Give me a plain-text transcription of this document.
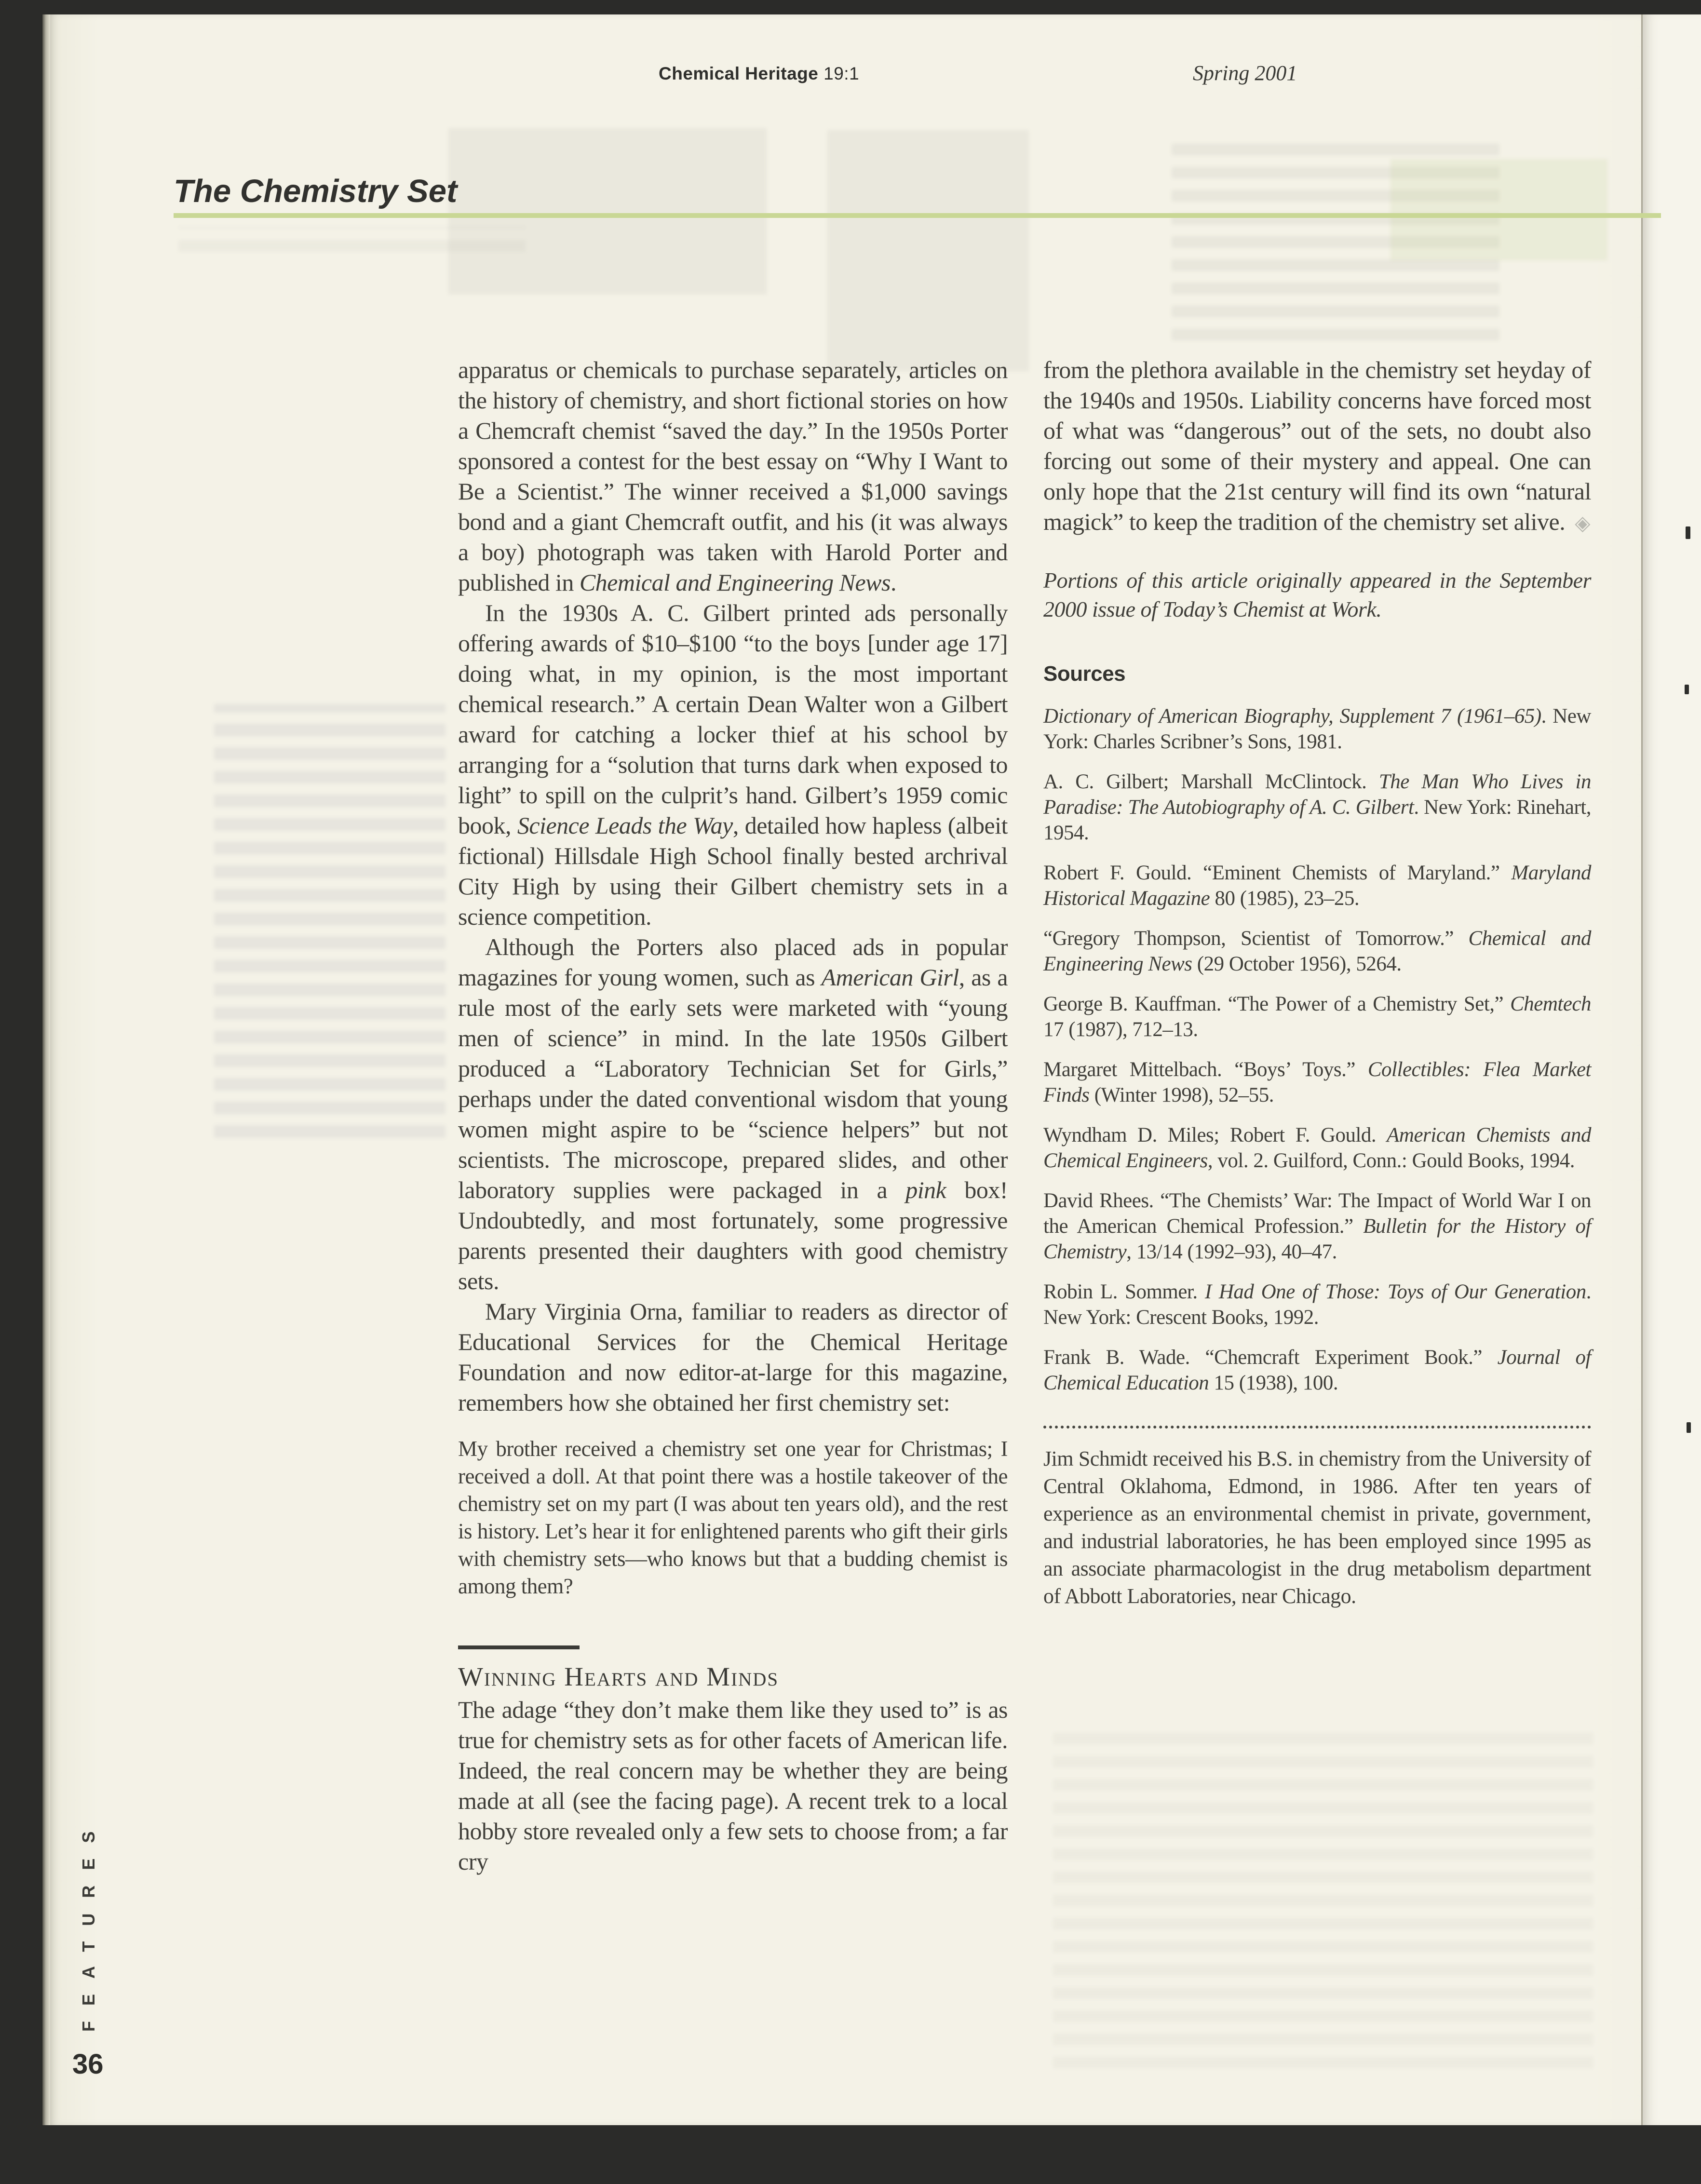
Chemical Heritage 19:1	Spring 2001
The Chemistry Set
apparatus or chemicals to purchase separately, articles on the history of chemistry, and short fictional stories on how a Chemcraft chemist “saved the day.” In the 1950s Porter sponsored a contest for the best essay on “Why I Want to Be a Scientist.” The winner received a $1,000 savings bond and a giant Chemcraft outfit, and his (it was always a boy) photograph was taken with Harold Porter and published in Chemical and Engineering News.
In the 1930s A. C. Gilbert printed ads personally offering awards of $10–$100 “to the boys [under age 17] doing what, in my opinion, is the most important chemical research.” A certain Dean Walter won a Gilbert award for catching a locker thief at his school by arranging for a “solution that turns dark when exposed to light” to spill on the culprit’s hand. Gilbert’s 1959 comic book, Science Leads the Way, detailed how hapless (albeit fictional) Hillsdale High School finally bested archrival City High by using their Gilbert chemistry sets in a science competition.
Although the Porters also placed ads in popular magazines for young women, such as American Girl, as a rule most of the early sets were marketed with “young men of science” in mind. In the late 1950s Gilbert produced a “Laboratory Technician Set for Girls,” perhaps under the dated conventional wisdom that young women might aspire to be “science helpers” but not scientists. The microscope, prepared slides, and other laboratory supplies were packaged in a pink box! Undoubtedly, and most fortunately, some progressive parents presented their daughters with good chemistry sets.
Mary Virginia Orna, familiar to readers as director of Educational Services for the Chemical Heritage Foundation and now editor-at-large for this magazine, remembers how she obtained her first chemistry set:
My brother received a chemistry set one year for Christmas; I received a doll. At that point there was a hostile takeover of the chemistry set on my part (I was about ten years old), and the rest is history. Let’s hear it for enlightened parents who gift their girls with chemistry sets—who knows but that a budding chemist is among them?
Winning Hearts and Minds
The adage “they don’t make them like they used to” is as true for chemistry sets as for other facets of American life. Indeed, the real concern may be whether they are being made at all (see the facing page). A recent trek to a local hobby store revealed only a few sets to choose from; a far cry
from the plethora available in the chemistry set heyday of the 1940s and 1950s. Liability concerns have forced most of what was “dangerous” out of the sets, no doubt also forcing out some of their mystery and appeal. One can only hope that the 21st century will find its own “natural magick” to keep the tradition of the chemistry set alive. ◈
Portions of this article originally appeared in the September 2000 issue of Today’s Chemist at Work.
Sources
Dictionary of American Biography, Supplement 7 (1961–65). New York: Charles Scribner’s Sons, 1981.
A. C. Gilbert; Marshall McClintock. The Man Who Lives in Paradise: The Autobiography of A. C. Gilbert. New York: Rinehart, 1954.
Robert F. Gould. “Eminent Chemists of Maryland.” Maryland Historical Magazine 80 (1985), 23–25.
“Gregory Thompson, Scientist of Tomorrow.” Chemical and Engineering News (29 October 1956), 5264.
George B. Kauffman. “The Power of a Chemistry Set,” Chemtech 17 (1987), 712–13.
Margaret Mittelbach. “Boys’ Toys.” Collectibles: Flea Market Finds (Winter 1998), 52–55.
Wyndham D. Miles; Robert F. Gould. American Chemists and Chemical Engineers, vol. 2. Guilford, Conn.: Gould Books, 1994.
David Rhees. “The Chemists’ War: The Impact of World War I on the American Chemical Profession.” Bulletin for the History of Chemistry, 13/14 (1992–93), 40–47.
Robin L. Sommer. I Had One of Those: Toys of Our Generation. New York: Crescent Books, 1992.
Frank B. Wade. “Chemcraft Experiment Book.” Journal of Chemical Education 15 (1938), 100.
Jim Schmidt received his B.S. in chemistry from the University of Central Oklahoma, Edmond, in 1986. After ten years of experience as an environmental chemist in private, government, and industrial laboratories, he has been employed since 1995 as an associate pharmacologist in the drug metabolism department of Abbott Laboratories, near Chicago.
FEATURES
36
